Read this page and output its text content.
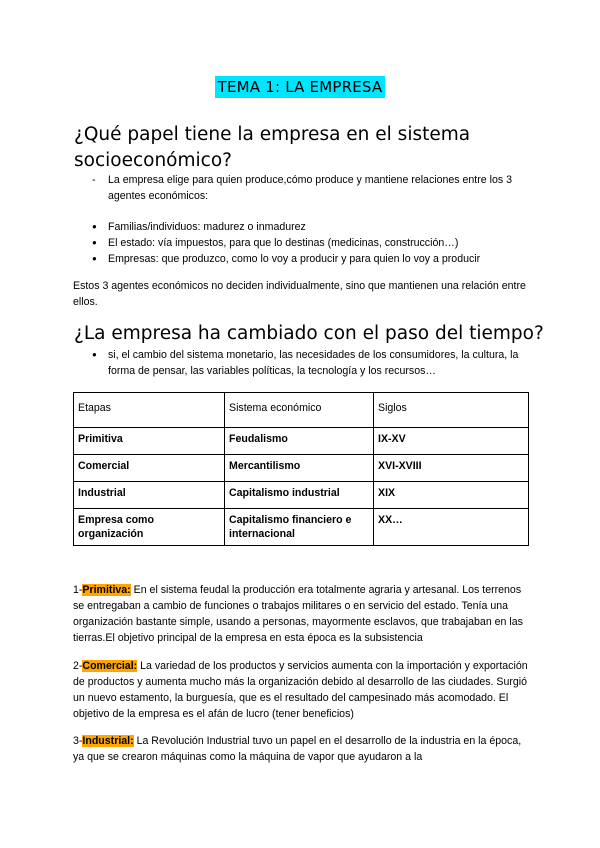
TEMA 1: LA EMPRESA
¿Qué papel tiene la empresa en el sistema socioeconómico?
- La empresa elige para quien produce,cómo produce y mantiene relaciones entre los 3 agentes económicos:
● Familias/individuos: madurez o inmadurez
● El estado: vía impuestos, para que lo destinas (medicinas, construcción…)
● Empresas: que produzco, como lo voy a producir y para quien lo voy a producir
Estos 3 agentes económicos no deciden individualmente, sino que mantienen una relación entre ellos.
¿La empresa ha cambiado con el paso del tiempo?
● si, el cambio del sistema monetario, las necesidades de los consumidores, la cultura, la forma de pensar, las variables políticas, la tecnología y los recursos…
Etapas	Sistema económico	Siglos
Primitiva	Feudalismo	IX-XV
Comercial	Mercantilismo	XVI-XVIII
Industrial	Capitalismo industrial	XIX
Empresa como organización	Capitalismo financiero e internacional	XX…
1-Primitiva: En el sistema feudal la producción era totalmente agraria y artesanal. Los terrenos se entregaban a cambio de funciones o trabajos militares o en servicio del estado. Tenía una organización bastante simple, usando a personas, mayormente esclavos, que trabajaban en las tierras.El objetivo principal de la empresa en esta época es la subsistencia
2-Comercial: La variedad de los productos y servicios aumenta con la importación y exportación de productos y aumenta mucho más la organización debido al desarrollo de las ciudades. Surgió un nuevo estamento, la burguesía, que es el resultado del campesinado más acomodado. El objetivo de la empresa es el afán de lucro (tener beneficios)
3-Industrial: La Revolución Industrial tuvo un papel en el desarrollo de la industria en la época, ya que se crearon máquinas como la máquina de vapor que ayudaron a la
